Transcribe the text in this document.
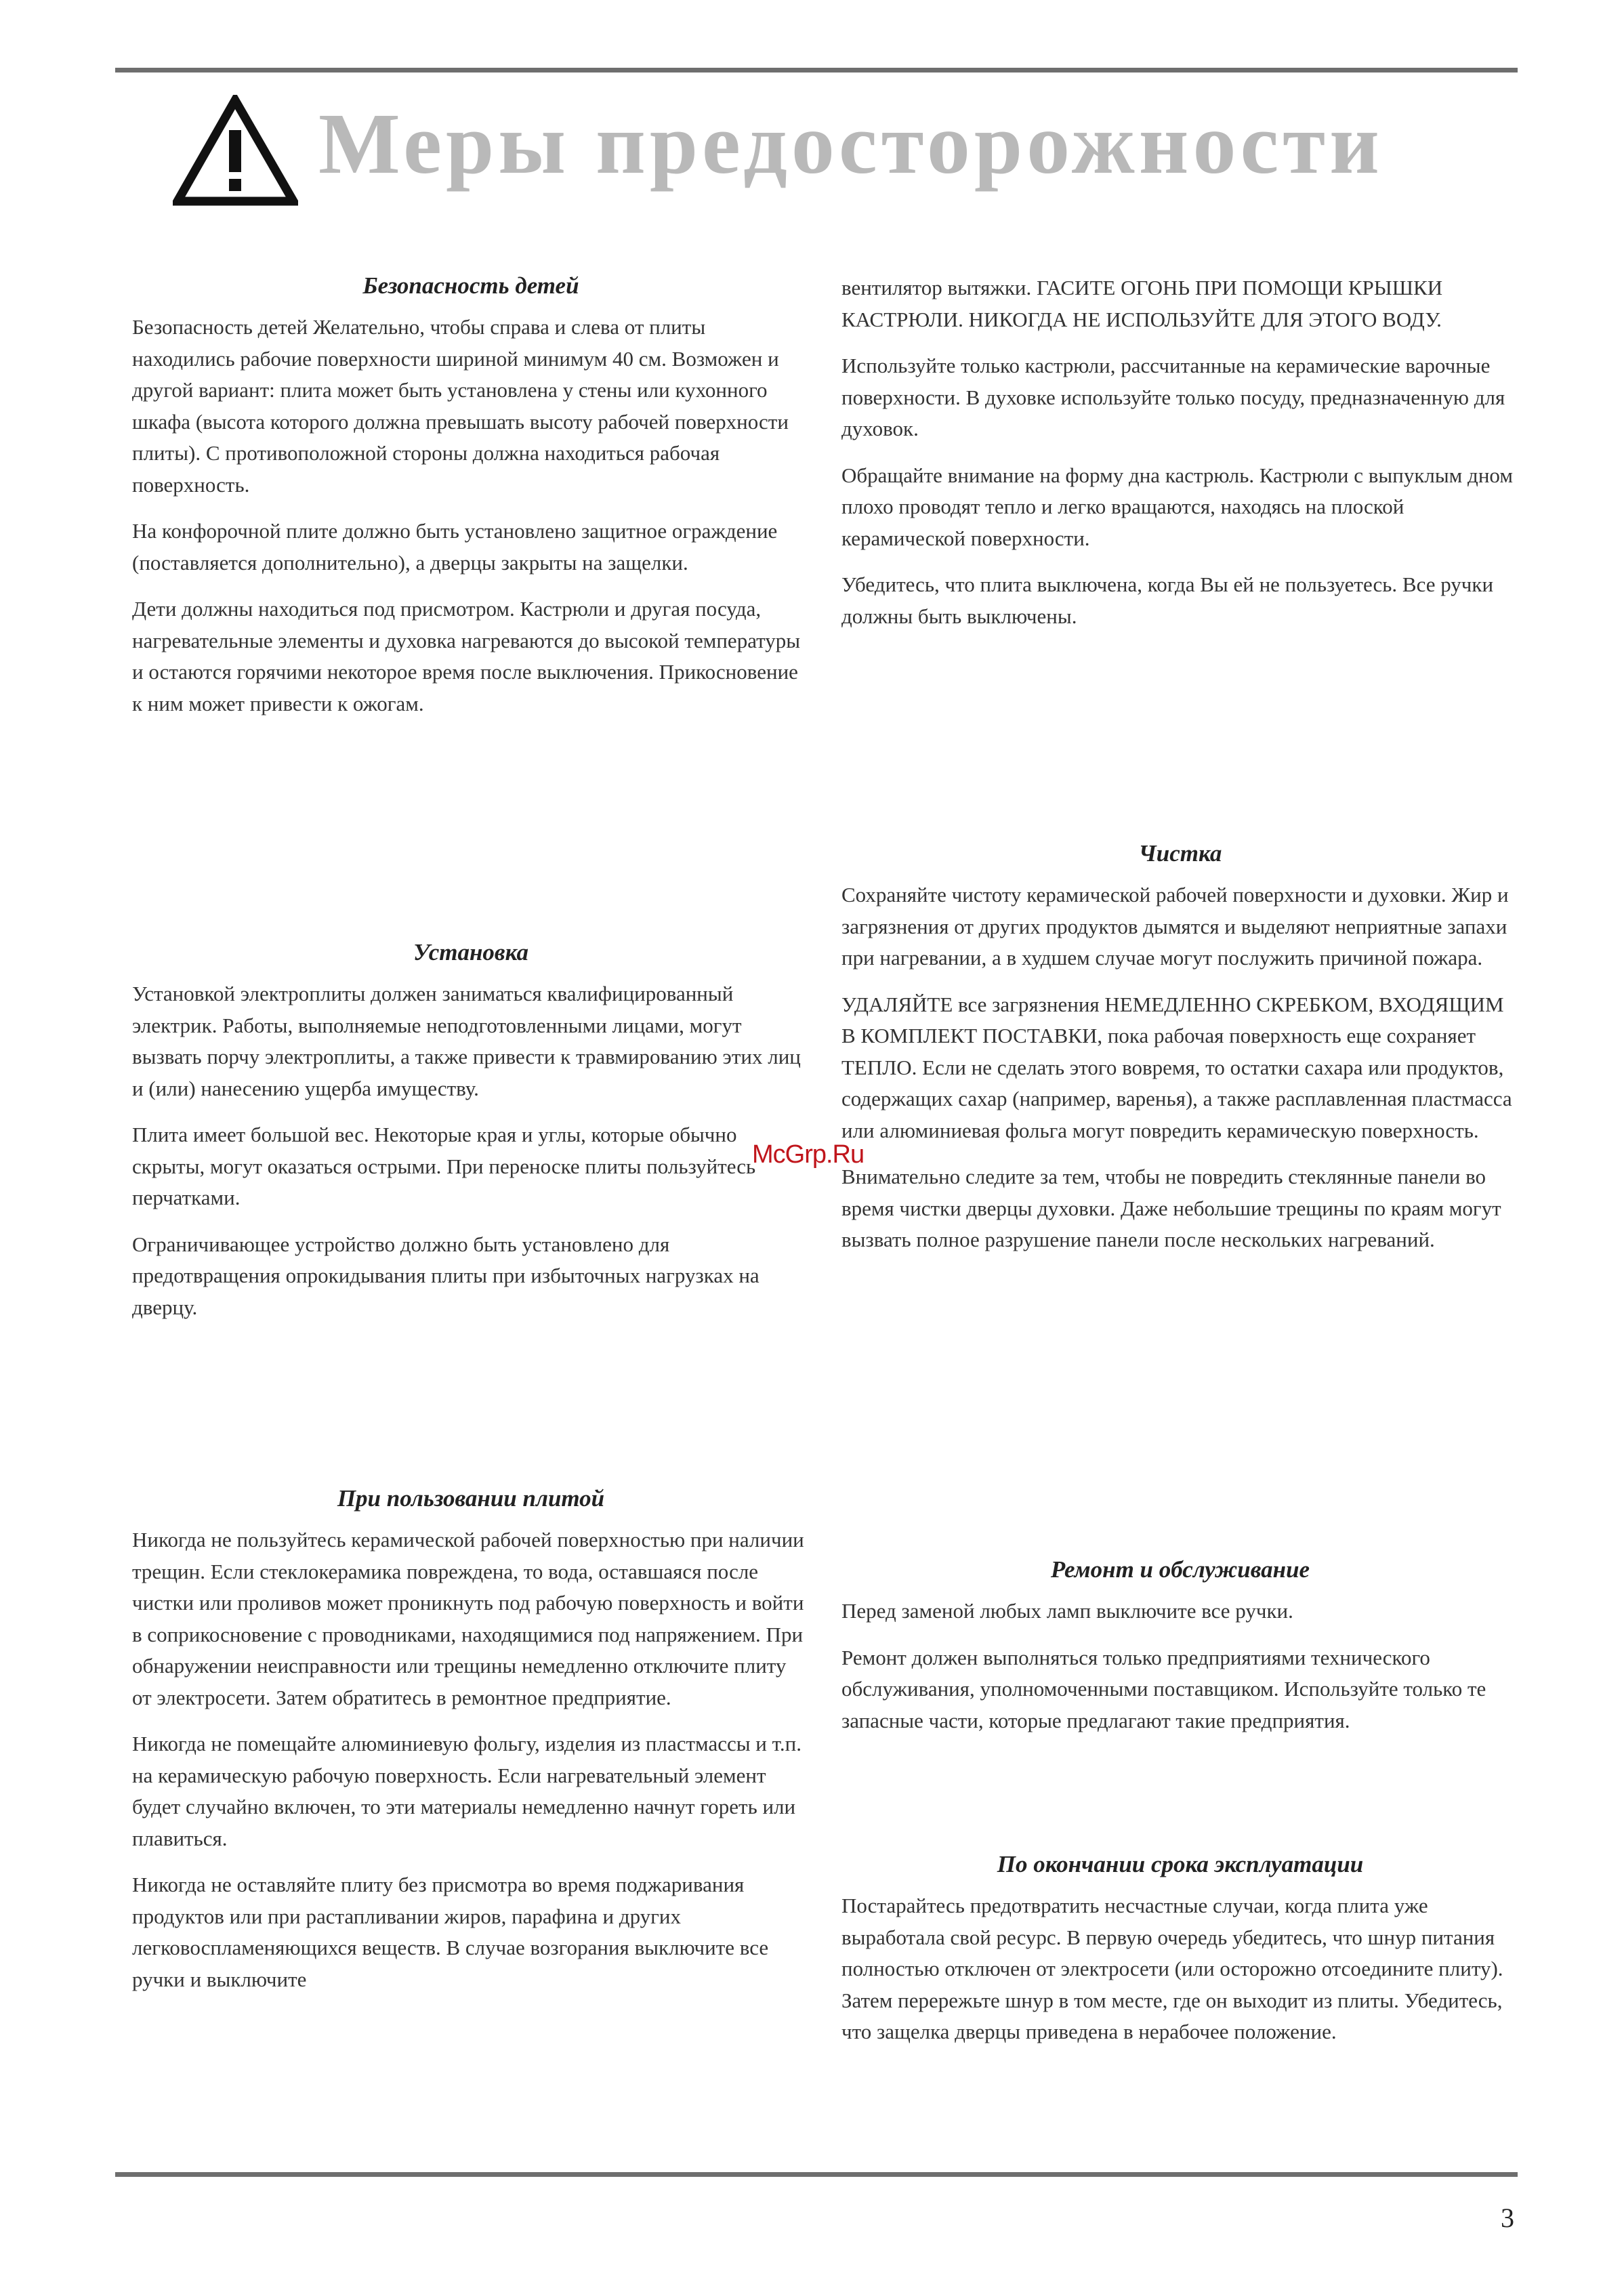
Меры предосторожности
Безопасность детей

Безопасность детей Желательно, чтобы справа и слева от плиты находились рабочие поверхности шириной минимум 40 см. Возможен и другой вариант: плита может быть установлена у стены или кухонного шкафа (высота которого должна превышать высоту рабочей поверхности плиты). С противоположной стороны должна находиться рабочая поверхность.

На конфорочной плите должно быть установлено защитное ограждение (поставляется дополнительно), а дверцы закрыты на защелки.

Дети должны находиться под присмотром. Кастрюли и другая посуда, нагревательные элементы и духовка нагреваются до высокой температуры и остаются горячими некоторое время после выключения. Прикосновение к ним может привести к ожогам.

Установка

Установкой электроплиты должен заниматься квалифицированный электрик. Работы, выполняемые неподготовленными лицами, могут вызвать порчу электроплиты, а также привести к травмированию этих лиц и (или) нанесению ущерба имуществу.

Плита имеет большой вес. Некоторые края и углы, которые обычно скрыты, могут оказаться острыми. При переноске плиты пользуйтесь перчатками.

Ограничивающее устройство должно быть установлено для предотвращения опрокидывания плиты при избыточных нагрузках на дверцу.

При пользовании плитой

Никогда не пользуйтесь керамической рабочей поверхностью при наличии трещин. Если стеклокерамика повреждена, то вода, оставшаяся после чистки или проливов может проникнуть под рабочую поверхность и войти в соприкосновение с проводниками, находящимися под напряжением. При обнаружении неисправности или трещины немедленно отключите плиту от электросети. Затем обратитесь в ремонтное предприятие.

Никогда не помещайте алюминиевую фольгу, изделия из пластмассы и т.п. на керамическую рабочую поверхность. Если нагревательный элемент будет случайно включен, то эти материалы немедленно начнут гореть или плавиться.

Никогда не оставляйте плиту без присмотра во время поджаривания продуктов или при растапливании жиров, парафина и других легковоспламеняющихся веществ. В случае возгорания выключите все ручки и выключите

вентилятор вытяжки. ГАСИТЕ ОГОНЬ ПРИ ПОМОЩИ КРЫШКИ КАСТРЮЛИ. НИКОГДА НЕ ИСПОЛЬЗУЙТЕ ДЛЯ ЭТОГО ВОДУ.

Используйте только кастрюли, рассчитанные на керамические варочные поверхности. В духовке используйте только посуду, предназначенную для духовок.

Обращайте внимание на форму дна кастрюль. Кастрюли с выпуклым дном плохо проводят тепло и легко вращаются, находясь на плоской керамической поверхности.

Убедитесь, что плита выключена, когда Вы ей не пользуетесь. Все ручки должны быть выключены.

Чистка

Сохраняйте чистоту керамической рабочей поверхности и духовки. Жир и загрязнения от других продуктов дымятся и выделяют неприятные запахи при нагревании, а в худшем случае могут послужить причиной пожара.

УДАЛЯЙТЕ все загрязнения НЕМЕДЛЕННО СКРЕБКОМ, ВХОДЯЩИМ В КОМПЛЕКТ ПОСТАВКИ, пока рабочая поверхность еще сохраняет ТЕПЛО. Если не сделать этого вовремя, то остатки сахара или продуктов, содержащих сахар (например, варенья), а также расплавленная пластмасса или алюминиевая фольга могут повредить керамическую поверхность.

Внимательно следите за тем, чтобы не повредить стеклянные панели во время чистки дверцы духовки. Даже небольшие трещины по краям могут вызвать полное разрушение панели после нескольких нагреваний.

Ремонт и обслуживание

Перед заменой любых ламп выключите все ручки.

Ремонт должен выполняться только предприятиями технического обслуживания, уполномоченными поставщиком. Используйте только те запасные части, которые предлагают такие предприятия.

По окончании срока эксплуатации

Постарайтесь предотвратить несчастные случаи, когда плита уже выработала свой ресурс. В первую очередь убедитесь, что шнур питания полностью отключен от электросети (или осторожно отсоедините плиту). Затем перережьте шнур в том месте, где он выходит из плиты. Убедитесь, что защелка дверцы приведена в нерабочее положение.

McGrp.Ru
3
